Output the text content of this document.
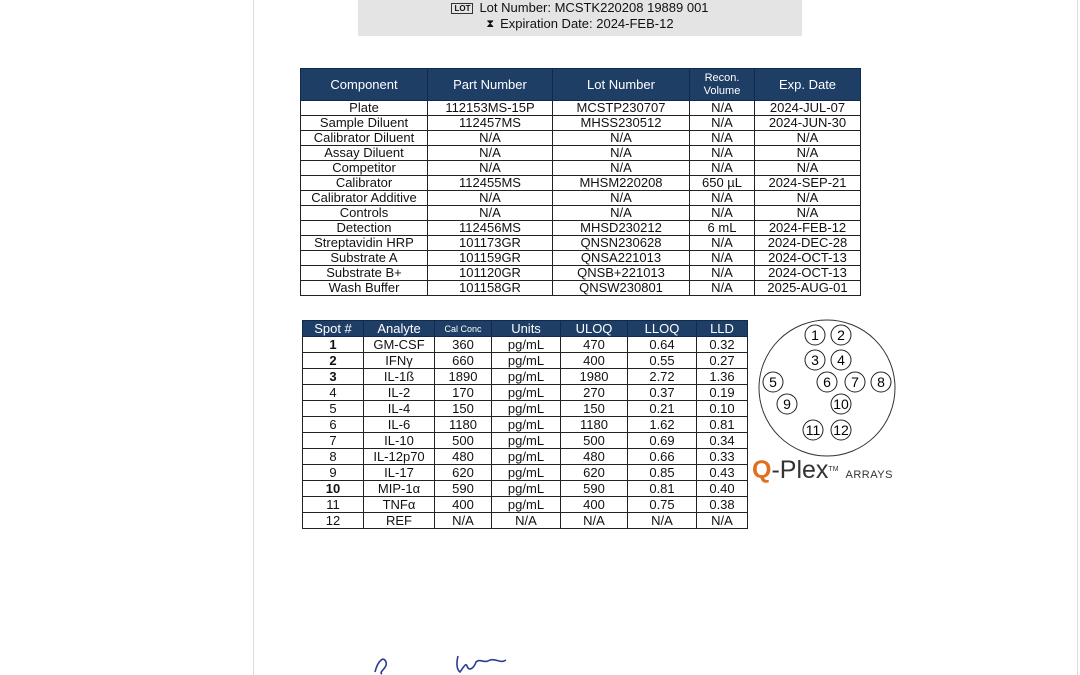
LOT Lot Number: MCSTK220208 19889 001
⧗ Expiration Date: 2024-FEB-12
Component	Part Number	Lot Number	Recon. Volume	Exp. Date
Plate	112153MS-15P	MCSTP230707	N/A	2024-JUL-07
Sample Diluent	112457MS	MHSS230512	N/A	2024-JUN-30
Calibrator Diluent	N/A	N/A	N/A	N/A
Assay Diluent	N/A	N/A	N/A	N/A
Competitor	N/A	N/A	N/A	N/A
Calibrator	112455MS	MHSM220208	650 µL	2024-SEP-21
Calibrator Additive	N/A	N/A	N/A	N/A
Controls	N/A	N/A	N/A	N/A
Detection	112456MS	MHSD230212	6 mL	2024-FEB-12
Streptavidin HRP	101173GR	QNSN230628	N/A	2024-DEC-28
Substrate A	101159GR	QNSA221013	N/A	2024-OCT-13
Substrate B+	101120GR	QNSB+221013	N/A	2024-OCT-13
Wash Buffer	101158GR	QNSW230801	N/A	2025-AUG-01
Spot #	Analyte	Cal Conc	Units	ULOQ	LLOQ	LLD
1	GM-CSF	360	pg/mL	470	0.64	0.32
2	IFNγ	660	pg/mL	400	0.55	0.27
3	IL-1ß	1890	pg/mL	1980	2.72	1.36
4	IL-2	170	pg/mL	270	0.37	0.19
5	IL-4	150	pg/mL	150	0.21	0.10
6	IL-6	1180	pg/mL	1180	1.62	0.81
7	IL-10	500	pg/mL	500	0.69	0.34
8	IL-12p70	480	pg/mL	480	0.66	0.33
9	IL-17	620	pg/mL	620	0.85	0.43
10	MIP-1α	590	pg/mL	590	0.81	0.40
11	TNFα	400	pg/mL	400	0.75	0.38
12	REF	N/A	N/A	N/A	N/A	N/A
1 2
3 4
5	6 7 8
9	10
11 12
Q-Plex™ ARRAYS
